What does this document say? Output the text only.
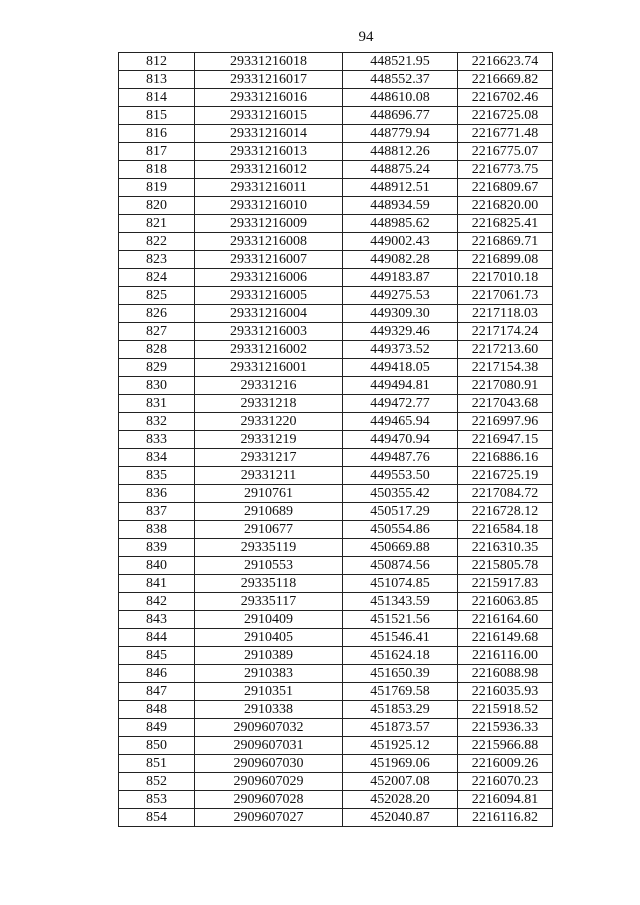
94
812	29331216018	448521.95	2216623.74
813	29331216017	448552.37	2216669.82
814	29331216016	448610.08	2216702.46
815	29331216015	448696.77	2216725.08
816	29331216014	448779.94	2216771.48
817	29331216013	448812.26	2216775.07
818	29331216012	448875.24	2216773.75
819	29331216011	448912.51	2216809.67
820	29331216010	448934.59	2216820.00
821	29331216009	448985.62	2216825.41
822	29331216008	449002.43	2216869.71
823	29331216007	449082.28	2216899.08
824	29331216006	449183.87	2217010.18
825	29331216005	449275.53	2217061.73
826	29331216004	449309.30	2217118.03
827	29331216003	449329.46	2217174.24
828	29331216002	449373.52	2217213.60
829	29331216001	449418.05	2217154.38
830	29331216	449494.81	2217080.91
831	29331218	449472.77	2217043.68
832	29331220	449465.94	2216997.96
833	29331219	449470.94	2216947.15
834	29331217	449487.76	2216886.16
835	29331211	449553.50	2216725.19
836	2910761	450355.42	2217084.72
837	2910689	450517.29	2216728.12
838	2910677	450554.86	2216584.18
839	29335119	450669.88	2216310.35
840	2910553	450874.56	2215805.78
841	29335118	451074.85	2215917.83
842	29335117	451343.59	2216063.85
843	2910409	451521.56	2216164.60
844	2910405	451546.41	2216149.68
845	2910389	451624.18	2216116.00
846	2910383	451650.39	2216088.98
847	2910351	451769.58	2216035.93
848	2910338	451853.29	2215918.52
849	2909607032	451873.57	2215936.33
850	2909607031	451925.12	2215966.88
851	2909607030	451969.06	2216009.26
852	2909607029	452007.08	2216070.23
853	2909607028	452028.20	2216094.81
854	2909607027	452040.87	2216116.82
